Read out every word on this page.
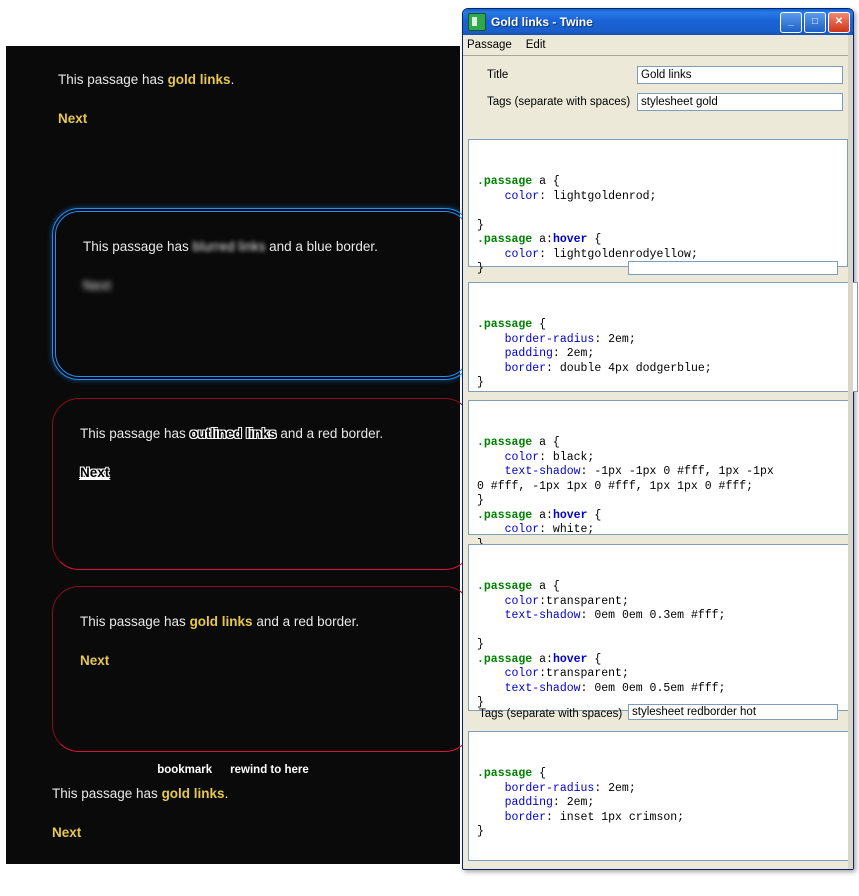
This passage has gold links.
Next
This passage has blurred links and a blue border.
Next
This passage has outlined links and a red border.
Next
This passage has gold links and a red border.
Next
bookmark rewind to here
This passage has gold links.
Next
Gold links - Twine	_	□	✕
Passage Edit
Title
Gold links
Tags (separate with spaces)
stylesheet gold

.passage a {
color: lightgoldenrod;

}
.passage a:hover {
color: lightgoldenrodyellow;
}

.passage {
border-radius: 2em;
padding: 2em;
border: double 4px dodgerblue;
}

.passage a {
color: black;
text-shadow: -1px -1px 0 #fff, 1px -1px
0 #fff, -1px 1px 0 #fff, 1px 1px 0 #fff;
}
.passage a:hover {
color: white;

.passage a {
color:transparent;
text-shadow: 0em 0em 0.3em #fff;

}
.passage a:hover {
color:transparent;
text-shadow: 0em 0em 0.5em #fff;
}

Tags (separate with spaces) stylesheet redborder hot

.passage {
border-radius: 2em;
padding: 2em;
border: inset 1px crimson;
}
